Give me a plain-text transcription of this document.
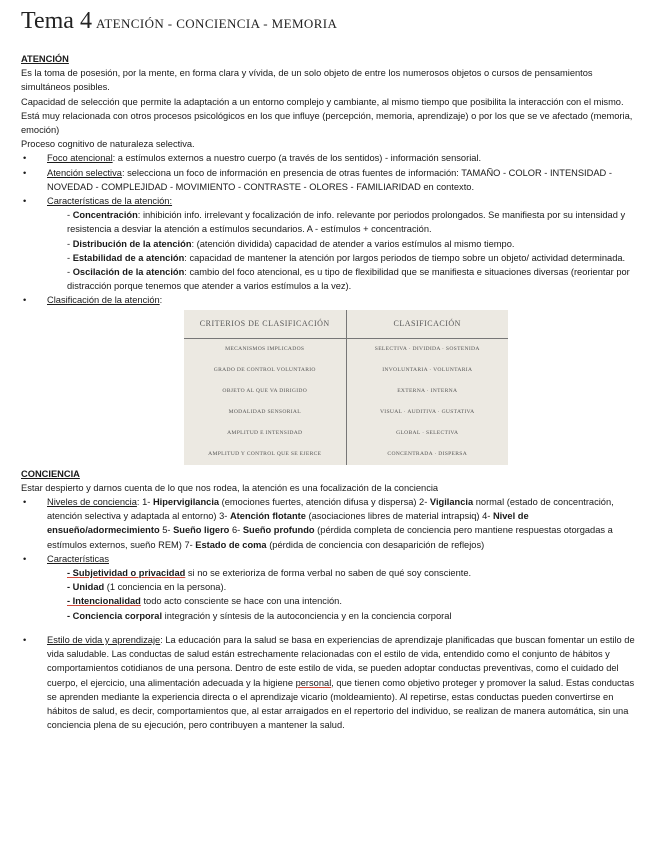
Tema 4 ATENCIÓN - CONCIENCIA - MEMORIA
ATENCIÓN

Es la toma de posesión, por la mente, en forma clara y vívida, de un solo objeto de entre los numerosos objetos o cursos de pensamientos simultáneos posibles.

Capacidad de selección que permite la adaptación a un entorno complejo y cambiante, al mismo tiempo que posibilita la interacción con el mismo. Está muy relacionada con otros procesos psicológicos en los que influye (percepción, memoria, aprendizaje) o por los que se ve afectado (memoria, emoción)

Proceso cognitivo de naturaleza selectiva.

• Foco atencional: a estímulos externos a nuestro cuerpo (a través de los sentidos) - información sensorial.
• Atención selectiva: selecciona un foco de información en presencia de otras fuentes de información: TAMAÑO - COLOR - INTENSIDAD - NOVEDAD - COMPLEJIDAD - MOVIMIENTO - CONTRASTE - OLORES - FAMILIARIDAD en contexto.
• Características de la atención:
- Concentración: inhibición info. irrelevant y focalización de info. relevante por periodos prolongados. Se manifiesta por su intensidad y resistencia a desviar la atención a estímulos secundarios. A - estímulos + concentración.
- Distribución de la atención: (atención dividida) capacidad de atender a varios estímulos al mismo tiempo.
- Estabilidad de a atención: capacidad de mantener la atención por largos periodos de tiempo sobre un objeto/ actividad determinada.
- Oscilación de la atención: cambio del foco atencional, es u tipo de flexibilidad que se manifiesta e situaciones diversas (reorientar por distracción porque tenemos que atender a varios estímulos a la vez).
• Clasificación de la atención:
CRITERIOS DE CLASIFICACIÓN	CLASIFICACIÓN
MECANISMOS IMPLICADOS	SELECTIVA · DIVIDIDA · SOSTENIDA
GRADO DE CONTROL VOLUNTARIO	INVOLUNTARIA · VOLUNTARIA
OBJETO AL QUE VA DIRIGIDO	EXTERNA · INTERNA
MODALIDAD SENSORIAL	VISUAL · AUDITIVA · GUSTATIVA
AMPLITUD E INTENSIDAD	GLOBAL · SELECTIVA
AMPLITUD Y CONTROL QUE SE EJERCE	CONCENTRADA · DISPERSA
CONCIENCIA

Estar despierto y darnos cuenta de lo que nos rodea, la atención es una focalización de la conciencia

• Niveles de conciencia: 1- Hipervigilancia (emociones fuertes, atención difusa y dispersa) 2- Vigilancia normal (estado de concentración, atención selectiva y adaptada al entorno) 3- Atención flotante (asociaciones libres de material intrapsiq) 4- Nivel de ensueño/adormecimiento 5- Sueño ligero 6- Sueño profundo (pérdida completa de conciencia pero mantiene respuestas otorgadas a estímulos externos, sueño REM) 7- Estado de coma (pérdida de conciencia con desaparición de reflejos)
• Características
- Subjetividad o privacidad si no se exterioriza de forma verbal no saben de qué soy consciente.
- Unidad (1 conciencia en la persona).
- Intencionalidad todo acto consciente se hace con una intención.
- Conciencia corporal integración y síntesis de la autoconciencia y en la conciencia corporal
• Estilo de vida y aprendizaje: La educación para la salud se basa en experiencias de aprendizaje planificadas que buscan fomentar un estilo de vida saludable. Las conductas de salud están estrechamente relacionadas con el estilo de vida, entendido como el conjunto de hábitos y comportamientos cotidianos de una persona. Dentro de este estilo de vida, se pueden adoptar conductas preventivas, como el cuidado del cuerpo, el ejercicio, una alimentación adecuada y la higiene personal, que tienen como objetivo proteger y promover la salud. Estas conductas se aprenden mediante la experiencia directa o el aprendizaje vicario (moldeamiento). Al repetirse, estas conductas pueden convertirse en hábitos de salud, es decir, comportamientos que, al estar arraigados en el repertorio del individuo, se realizan de manera automática, sin una conciencia plena de su ejecución, pero contribuyen a mantener la salud.
